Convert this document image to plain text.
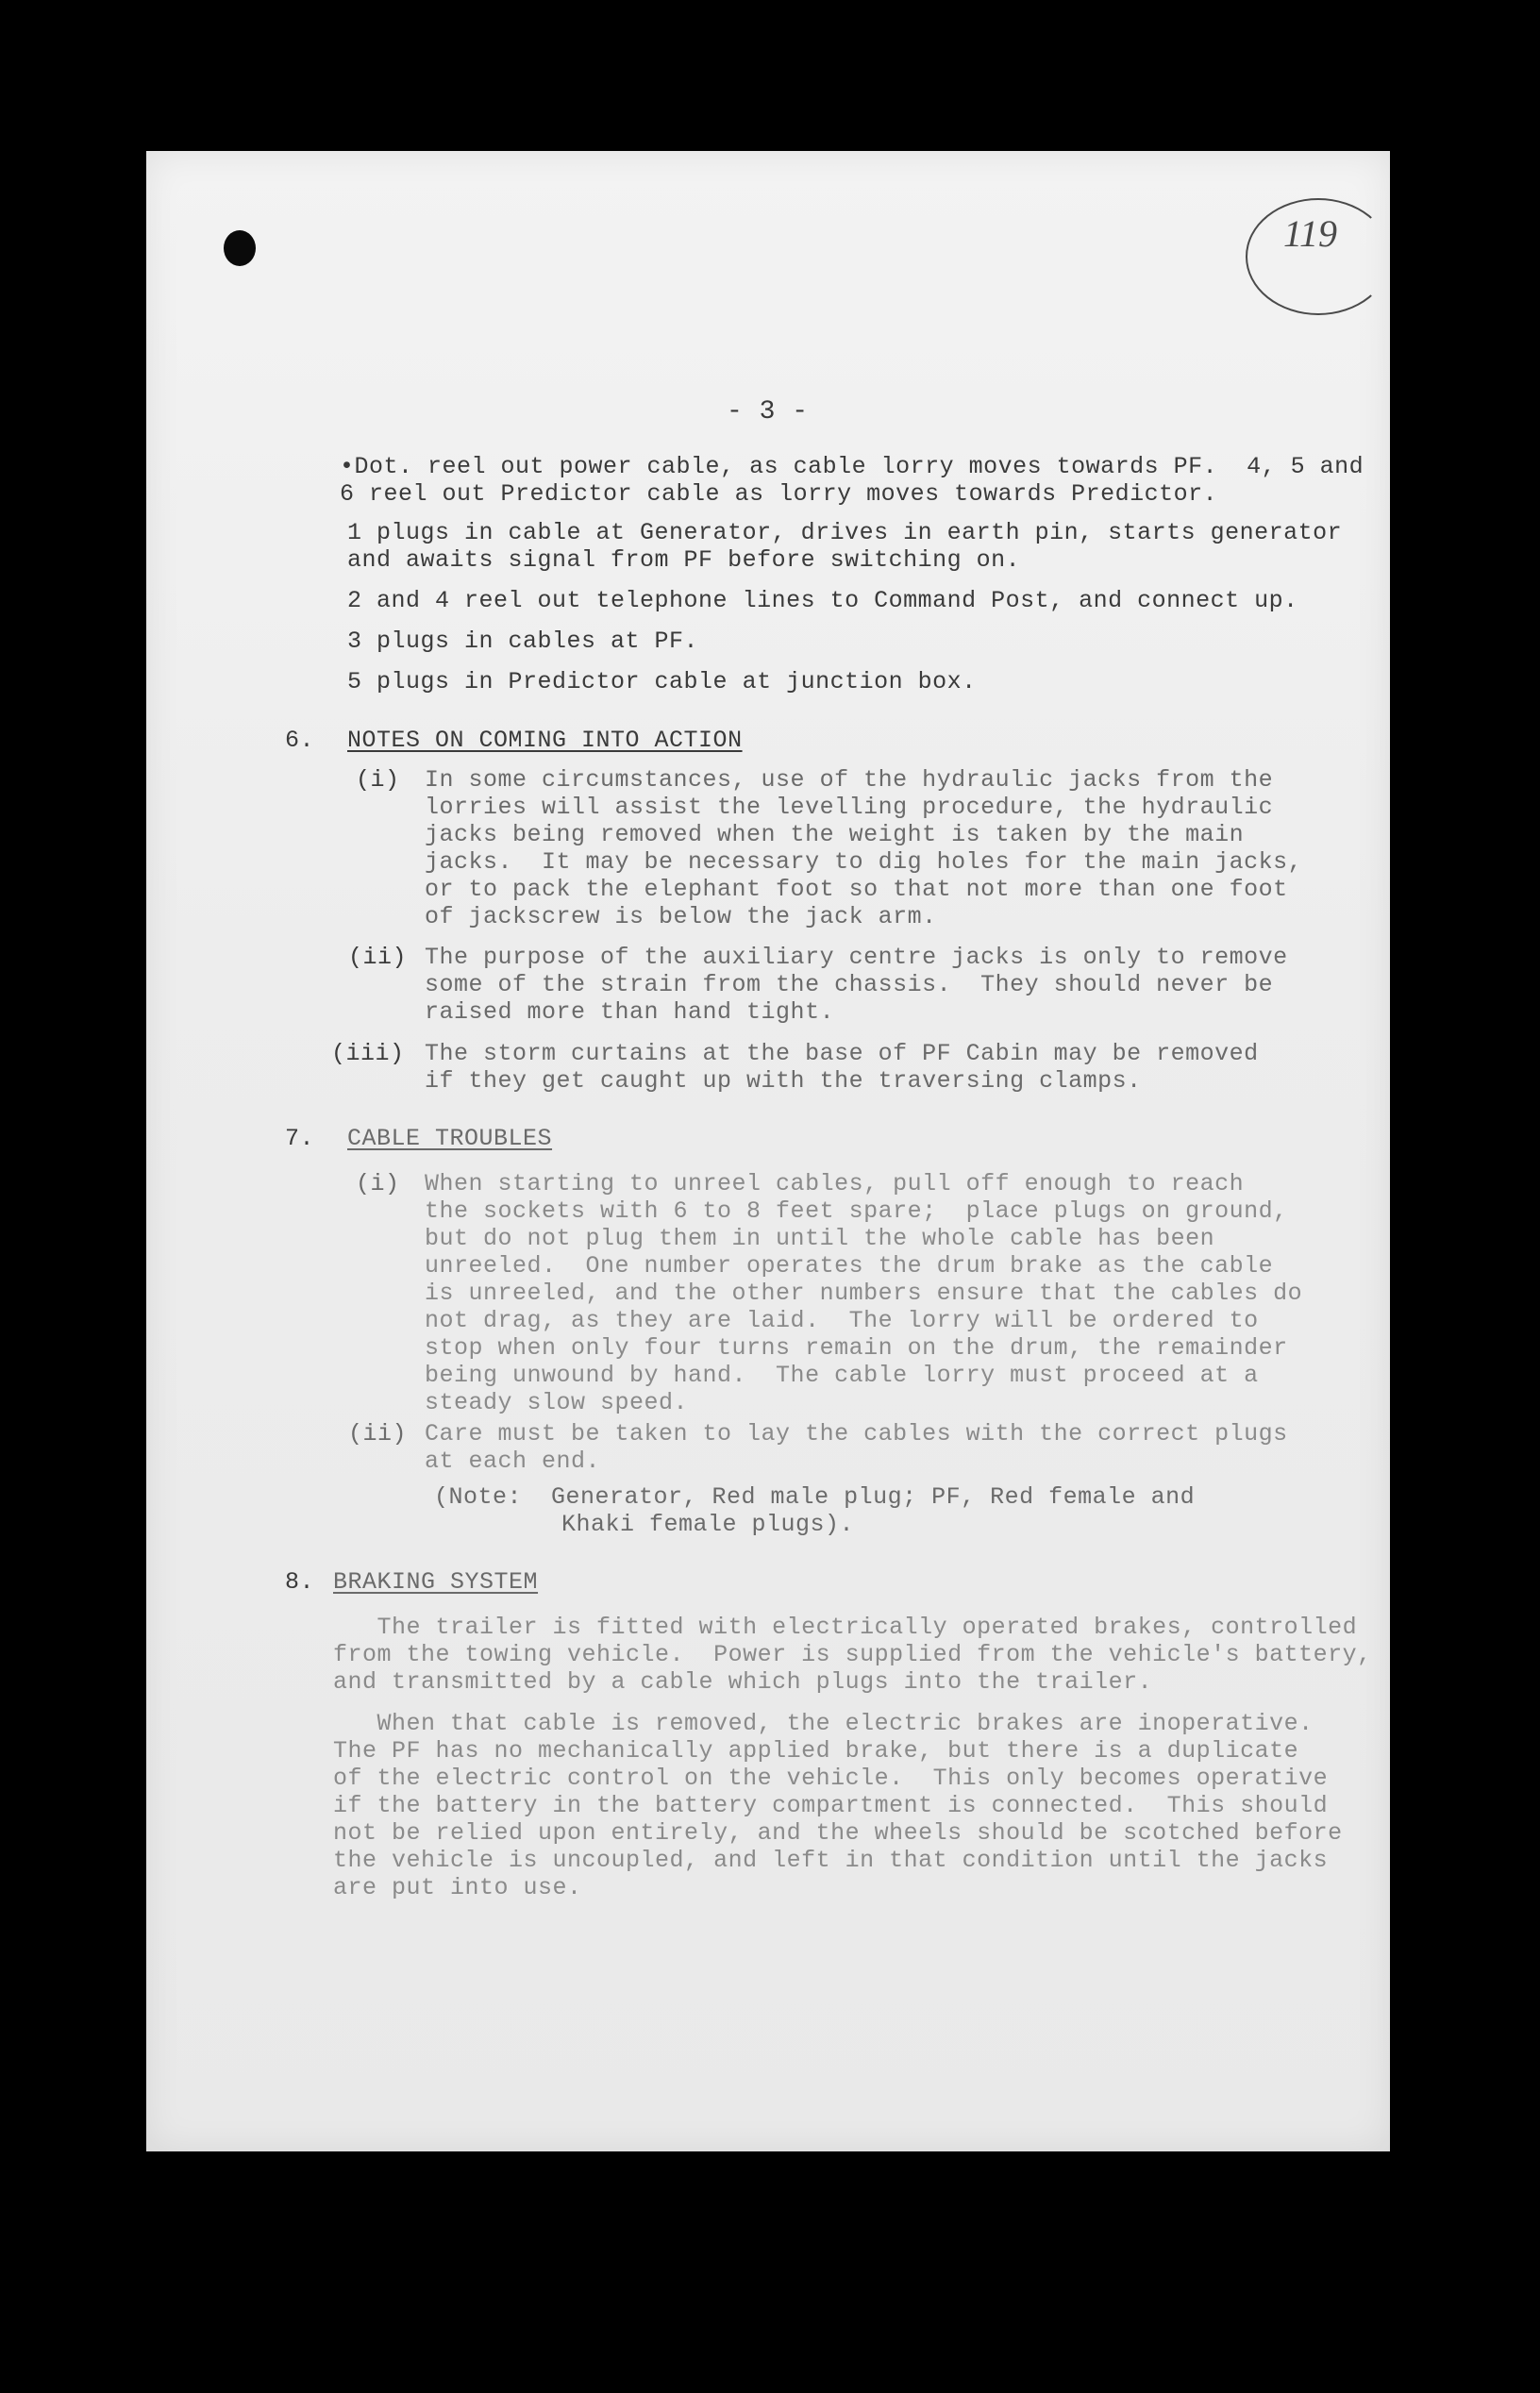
119
- 3 -
•Dot. reel out power cable, as cable lorry moves towards PF.  4, 5 and
6 reel out Predictor cable as lorry moves towards Predictor.
1 plugs in cable at Generator, drives in earth pin, starts generator
and awaits signal from PF before switching on.
2 and 4 reel out telephone lines to Command Post, and connect up.
3 plugs in cables at PF.
5 plugs in Predictor cable at junction box.
6. NOTES ON COMING INTO ACTION
(i) In some circumstances, use of the hydraulic jacks from the
lorries will assist the levelling procedure, the hydraulic
jacks being removed when the weight is taken by the main
jacks.  It may be necessary to dig holes for the main jacks,
or to pack the elephant foot so that not more than one foot
of jackscrew is below the jack arm.
(ii) The purpose of the auxiliary centre jacks is only to remove
some of the strain from the chassis.  They should never be
raised more than hand tight.
(iii) The storm curtains at the base of PF Cabin may be removed
if they get caught up with the traversing clamps.
7. CABLE TROUBLES
(i) When starting to unreel cables, pull off enough to reach
the sockets with 6 to 8 feet spare;  place plugs on ground,
but do not plug them in until the whole cable has been
unreeled.  One number operates the drum brake as the cable
is unreeled, and the other numbers ensure that the cables do
not drag, as they are laid.  The lorry will be ordered to
stop when only four turns remain on the drum, the remainder
being unwound by hand.  The cable lorry must proceed at a
steady slow speed.
(ii) Care must be taken to lay the cables with the correct plugs
at each end.
(Note:  Generator, Red male plug; PF, Red female and
Khaki female plugs).
8. BRAKING SYSTEM
The trailer is fitted with electrically operated brakes, controlled
from the towing vehicle.  Power is supplied from the vehicle's battery,
and transmitted by a cable which plugs into the trailer.
When that cable is removed, the electric brakes are inoperative.
The PF has no mechanically applied brake, but there is a duplicate
of the electric control on the vehicle.  This only becomes operative
if the battery in the battery compartment is connected.  This should
not be relied upon entirely, and the wheels should be scotched before
the vehicle is uncoupled, and left in that condition until the jacks
are put into use.
